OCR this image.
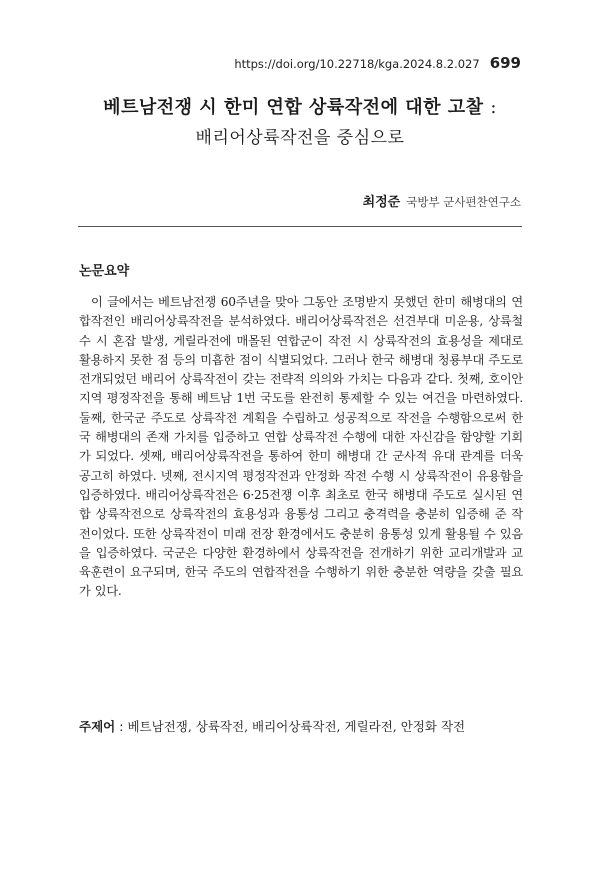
https://doi.org/10.22718/kga.2024.8.2.027 699
베트남전쟁 시 한미 연합 상륙작전에 대한 고찰 :
배리어상륙작전을 중심으로
최정준 국방부 군사편찬연구소
논문요약

이 글에서는 베트남전쟁 60주년을 맞아 그동안 조명받지 못했던 한미 해병대의 연합작전인 배리어상륙작전을 분석하였다. 배리어상륙작전은 선견부대 미운용, 상륙철수 시 혼잡 발생, 게릴라전에 매몰된 연합군이 작전 시 상륙작전의 효용성을 제대로 활용하지 못한 점 등의 미흡한 점이 식별되었다. 그러나 한국 해병대 청룡부대 주도로 전개되었던 배리어 상륙작전이 갖는 전략적 의의와 가치는 다음과 같다. 첫째, 호이안지역 평정작전을 통해 베트남 1번 국도를 완전히 통제할 수 있는 여건을 마련하였다. 둘째, 한국군 주도로 상륙작전 계획을 수립하고 성공적으로 작전을 수행함으로써 한국 해병대의 존재 가치를 입증하고 연합 상륙작전 수행에 대한 자신감을 함양할 기회가 되었다. 셋째, 배리어상륙작전을 통하여 한미 해병대 간 군사적 유대 관계를 더욱 공고히 하였다. 넷째, 전시지역 평정작전과 안정화 작전 수행 시 상륙작전이 유용함을 입증하였다. 배리어상륙작전은 6·25전쟁 이후 최초로 한국 해병대 주도로 실시된 연합 상륙작전으로 상륙작전의 효용성과 융통성 그리고 충격력을 충분히 입증해 준 작전이었다. 또한 상륙작전이 미래 전장 환경에서도 충분히 융통성 있게 활용될 수 있음을 입증하였다. 국군은 다양한 환경하에서 상륙작전을 전개하기 위한 교리개발과 교육훈련이 요구되며, 한국 주도의 연합작전을 수행하기 위한 충분한 역량을 갖출 필요가 있다.

주제어 : 베트남전쟁, 상륙작전, 배리어상륙작전, 게릴라전, 안정화 작전
